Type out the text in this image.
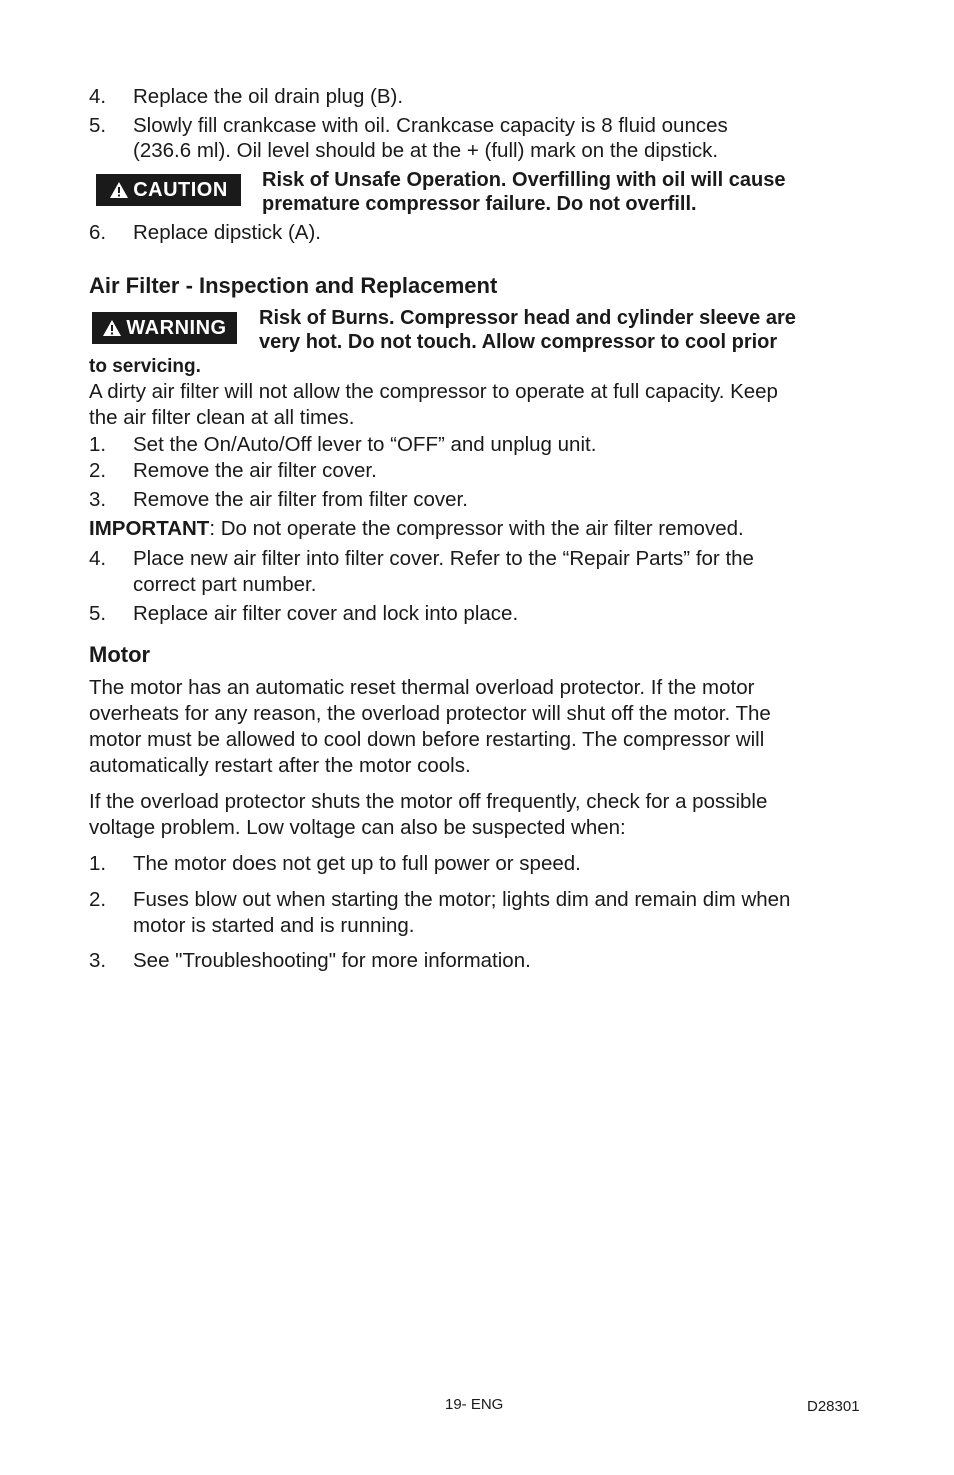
4. Replace the oil drain plug (B).
5. Slowly fill crankcase with oil. Crankcase capacity is 8 fluid ounces
(236.6 ml). Oil level should be at the + (full) mark on the dipstick.
CAUTION Risk of Unsafe Operation. Overfilling with oil will cause
premature compressor failure. Do not overfill.
6. Replace dipstick (A).
Air Filter - Inspection and Replacement
WARNING Risk of Burns. Compressor head and cylinder sleeve are
very hot. Do not touch. Allow compressor to cool prior
to servicing.
A dirty air filter will not allow the compressor to operate at full capacity. Keep
the air filter clean at all times.
1. Set the On/Auto/Off lever to “OFF” and unplug unit.
2. Remove the air filter cover.
3. Remove the air filter from filter cover.
IMPORTANT: Do not operate the compressor with the air filter removed.
4. Place new air filter into filter cover. Refer to the “Repair Parts” for the
correct part number.
5. Replace air filter cover and lock into place.
Motor
The motor has an automatic reset thermal overload protector. If the motor
overheats for any reason, the overload protector will shut off the motor. The
motor must be allowed to cool down before restarting. The compressor will
automatically restart after the motor cools.
If the overload protector shuts the motor off frequently, check for a possible
voltage problem. Low voltage can also be suspected when:
1. The motor does not get up to full power or speed.
2. Fuses blow out when starting the motor; lights dim and remain dim when
motor is started and is running.
3. See "Troubleshooting" for more information.
19- ENG	D28301
